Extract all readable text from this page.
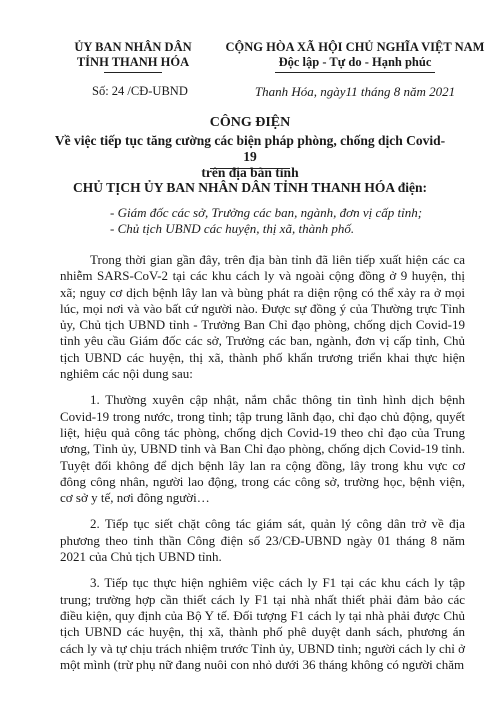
ỦY BAN NHÂN DÂN
TỈNH THANH HÓA
Số: 24 /CĐ-UBND
CỘNG HÒA XÃ HỘI CHỦ NGHĨA VIỆT NAM
Độc lập - Tự do - Hạnh phúc
Thanh Hóa, ngày11 tháng 8 năm 2021
CÔNG ĐIỆN
Về việc tiếp tục tăng cường các biện pháp phòng, chống dịch Covid-19
trên địa bàn tỉnh
CHỦ TỊCH ỦY BAN NHÂN DÂN TỈNH THANH HÓA điện:
- Giám đốc các sở, Trưởng các ban, ngành, đơn vị cấp tỉnh;
- Chủ tịch UBND các huyện, thị xã, thành phố.

Trong thời gian gần đây, trên địa bàn tỉnh đã liên tiếp xuất hiện các ca nhiễm SARS-CoV-2 tại các khu cách ly và ngoài cộng đồng ở 9 huyện, thị xã; nguy cơ dịch bệnh lây lan và bùng phát ra diện rộng có thể xảy ra ở mọi lúc, mọi nơi và vào bất cứ người nào. Được sự đồng ý của Thường trực Tỉnh ủy, Chủ tịch UBND tỉnh - Trưởng Ban Chỉ đạo phòng, chống dịch Covid-19 tỉnh yêu cầu Giám đốc các sở, Trưởng các ban, ngành, đơn vị cấp tỉnh, Chủ tịch UBND các huyện, thị xã, thành phố khẩn trương triển khai thực hiện nghiêm các nội dung sau:

1. Thường xuyên cập nhật, nắm chắc thông tin tình hình dịch bệnh Covid-19 trong nước, trong tỉnh; tập trung lãnh đạo, chỉ đạo chủ động, quyết liệt, hiệu quả công tác phòng, chống dịch Covid-19 theo chỉ đạo của Trung ương, Tỉnh ủy, UBND tỉnh và Ban Chỉ đạo phòng, chống dịch Covid-19 tỉnh. Tuyệt đối không để dịch bệnh lây lan ra cộng đồng, lây trong khu vực cơ đông công nhân, người lao động, trong các công sở, trường học, bệnh viện, cơ sở y tế, nơi đông người…

2. Tiếp tục siết chặt công tác giám sát, quản lý công dân trở về địa phương theo tinh thần Công điện số 23/CĐ-UBND ngày 01 tháng 8 năm 2021 của Chủ tịch UBND tỉnh.

3. Tiếp tục thực hiện nghiêm việc cách ly F1 tại các khu cách ly tập trung; trường hợp cần thiết cách ly F1 tại nhà nhất thiết phải đảm bảo các điều kiện, quy định của Bộ Y tế. Đối tượng F1 cách ly tại nhà phải được Chủ tịch UBND các huyện, thị xã, thành phố phê duyệt danh sách, phương án cách ly và tự chịu trách nhiệm trước Tỉnh ủy, UBND tỉnh; người cách ly chỉ ở một mình (trừ phụ nữ đang nuôi con nhỏ dưới 36 tháng không có người chăm
